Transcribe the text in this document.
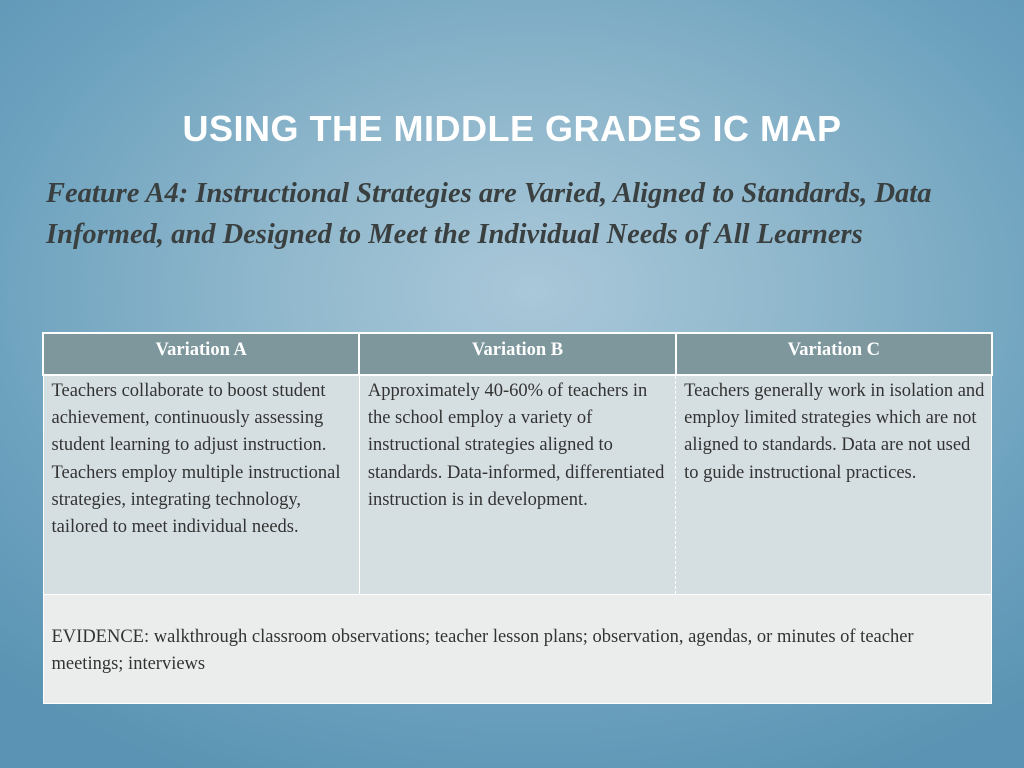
USING THE MIDDLE GRADES IC MAP
Feature A4: Instructional Strategies are Varied, Aligned to Standards, Data Informed, and Designed to Meet the Individual Needs of All Learners
Variation A	Variation B	Variation C
Teachers collaborate to boost student achievement, continuously assessing student learning to adjust instruction. Teachers employ multiple instructional strategies, integrating technology, tailored to meet individual needs.	Approximately 40-60% of teachers in the school employ a variety of instructional strategies aligned to standards. Data-informed, differentiated instruction is in development.	Teachers generally work in isolation and employ limited strategies which are not aligned to standards. Data are not used to guide instructional practices.
EVIDENCE: walkthrough classroom observations; teacher lesson plans; observation, agendas, or minutes of teacher meetings; interviews		
